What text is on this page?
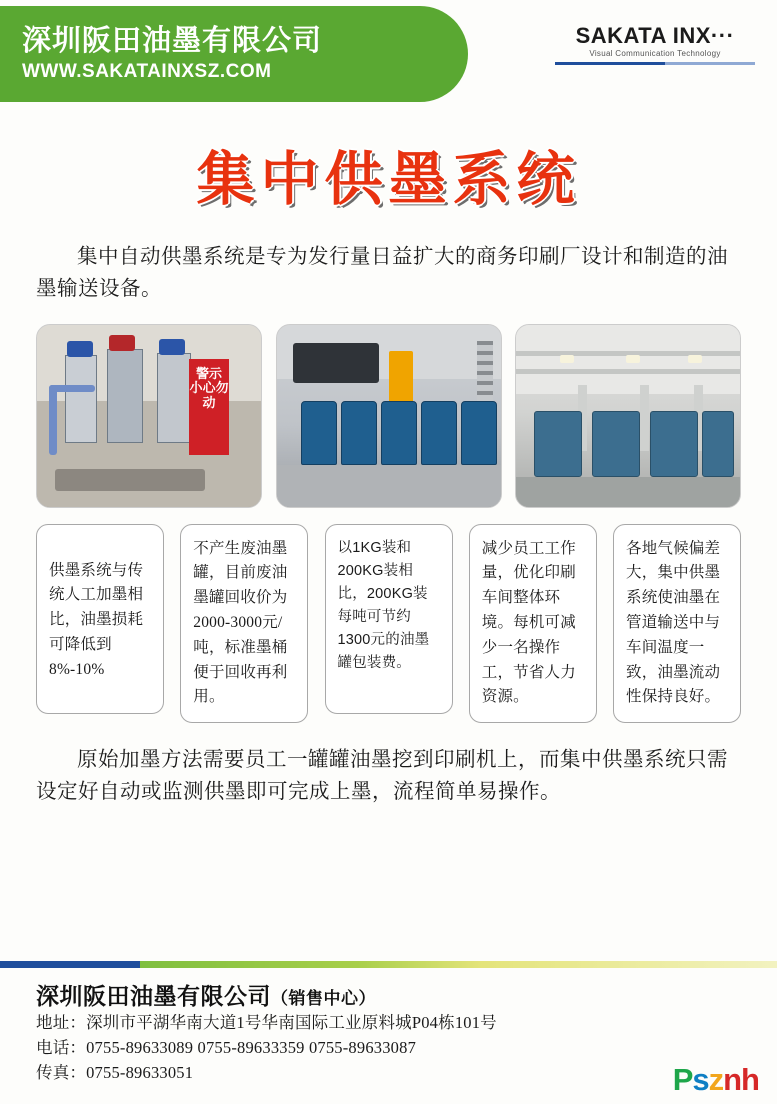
深圳阪田油墨有限公司
WWW.SAKATAINXSZ.COM
SAKATA INX···
Visual Communication Technology
集中供墨系统
集中自动供墨系统是专为发行量日益扩大的商务印刷厂设计和制造的油墨输送设备。
警示 小心勿动
供墨系统与传统人工加墨相比，油墨损耗可降低到8%-10%
不产生废油墨罐，目前废油墨罐回收价为2000-3000元/吨，标准墨桶便于回收再利用。
以1KG装和200KG装相比，200KG装每吨可节约1300元的油墨罐包装费。
减少员工工作量，优化印刷车间整体环境。每机可减少一名操作工，节省人力资源。
各地气候偏差大，集中供墨系统使油墨在管道输送中与车间温度一致，油墨流动性保持良好。
原始加墨方法需要员工一罐罐油墨挖到印刷机上，而集中供墨系统只需设定好自动或监测供墨即可完成上墨，流程简单易操作。
深圳阪田油墨有限公司（销售中心）
地址：深圳市平湖华南大道1号华南国际工业原料城P04栋101号
电话：0755-89633089 0755-89633359 0755-89633087
传真：0755-89633051	Psznh
